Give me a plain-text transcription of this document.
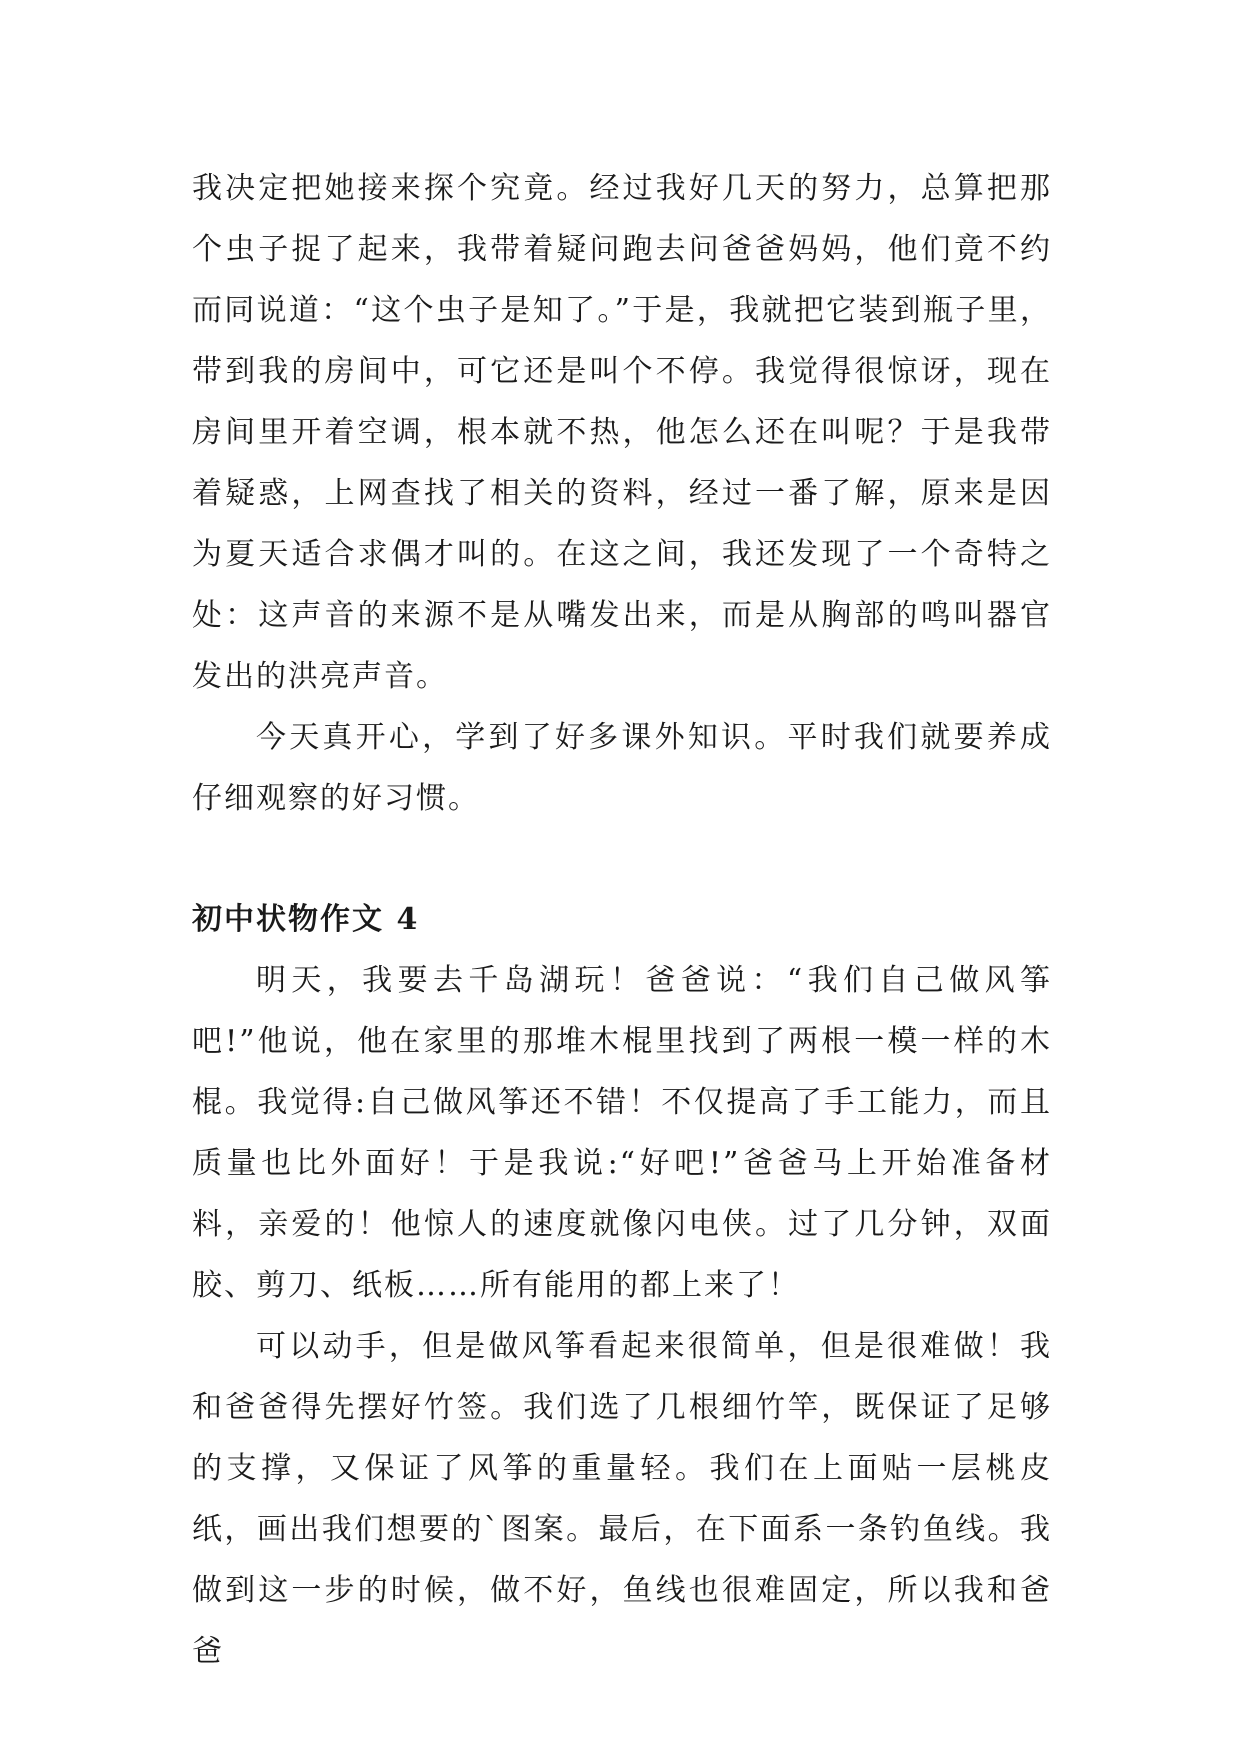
我决定把她接来探个究竟。经过我好几天的努力，总算把那个虫子捉了起来，我带着疑问跑去问爸爸妈妈，他们竟不约而同说道：“这个虫子是知了。”于是，我就把它装到瓶子里，带到我的房间中，可它还是叫个不停。我觉得很惊讶，现在房间里开着空调，根本就不热，他怎么还在叫呢？于是我带着疑惑，上网查找了相关的资料，经过一番了解，原来是因为夏天适合求偶才叫的。在这之间，我还发现了一个奇特之处：这声音的来源不是从嘴发出来，而是从胸部的鸣叫器官发出的洪亮声音。

今天真开心，学到了好多课外知识。平时我们就要养成仔细观察的好习惯。

初中状物作文 4

明天，我要去千岛湖玩！爸爸说：“我们自己做风筝吧!”他说，他在家里的那堆木棍里找到了两根一模一样的木棍。我觉得:自己做风筝还不错！不仅提高了手工能力，而且质量也比外面好！于是我说:“好吧!”爸爸马上开始准备材料，亲爱的！他惊人的速度就像闪电侠。过了几分钟，双面胶、剪刀、纸板……所有能用的都上来了！

可以动手，但是做风筝看起来很简单，但是很难做！我和爸爸得先摆好竹签。我们选了几根细竹竿，既保证了足够的支撑，又保证了风筝的重量轻。我们在上面贴一层桃皮纸，画出我们想要的`图案。最后，在下面系一条钓鱼线。我做到这一步的时候，做不好，鱼线也很难固定，所以我和爸爸
